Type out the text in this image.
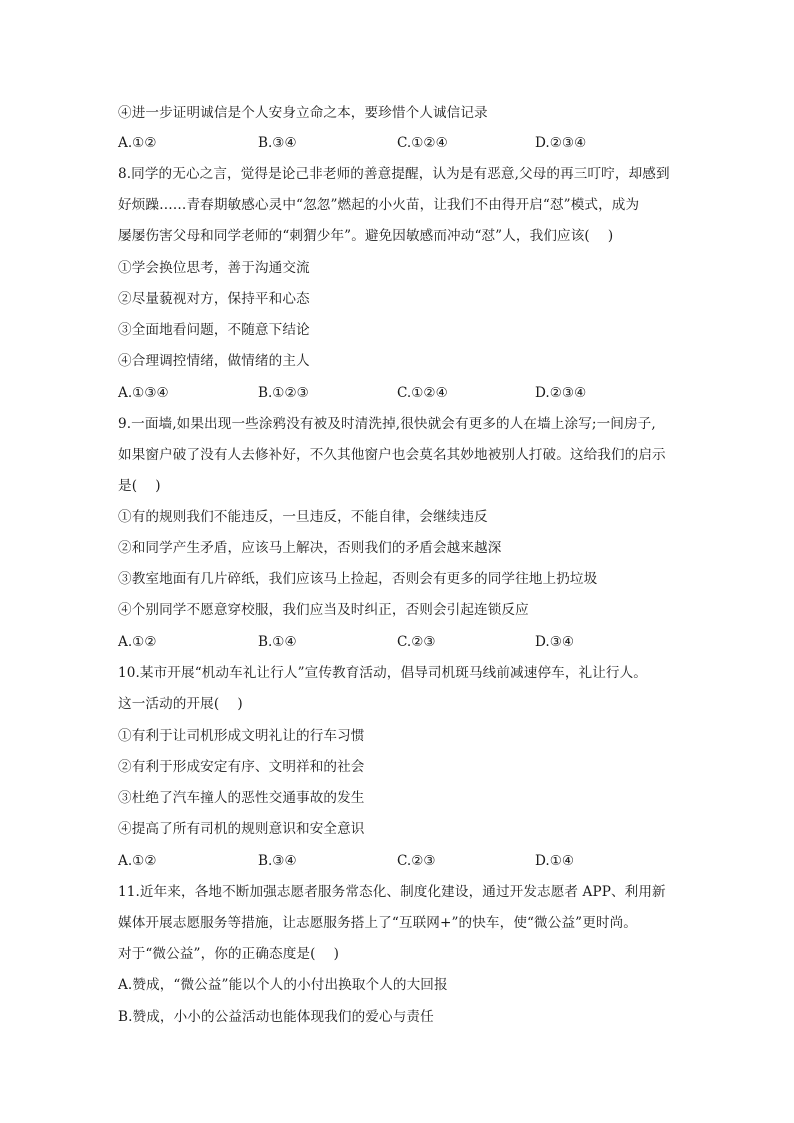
④进一步证明诚信是个人安身立命之本，要珍惜个人诚信记录
A.①②	B.③④	C.①②④	D.②③④
8.同学的无心之言，觉得是论己非老师的善意提醒，认为是有恶意,父母的再三叮咛，却感到
好烦躁……青春期敏感心灵中“忽忽”燃起的小火苗，让我们不由得开启“怼”模式，成为
屡屡伤害父母和同学老师的“刺猬少年”。避免因敏感而冲动“怼”人，我们应该(　 )
①学会换位思考，善于沟通交流
②尽量藐视对方，保持平和心态
③全面地看问题，不随意下结论
④合理调控情绪，做情绪的主人
A.①③④	B.①②③	C.①②④	D.②③④
9.一面墙,如果出现一些涂鸦没有被及时清洗掉,很快就会有更多的人在墙上涂写;一间房子,
如果窗户破了没有人去修补好，不久其他窗户也会莫名其妙地被别人打破。这给我们的启示
是(　 )
①有的规则我们不能违反，一旦违反，不能自律，会继续违反
②和同学产生矛盾，应该马上解决，否则我们的矛盾会越来越深
③教室地面有几片碎纸，我们应该马上捡起，否则会有更多的同学往地上扔垃圾
④个别同学不愿意穿校服，我们应当及时纠正，否则会引起连锁反应
A.①②	B.①④	C.②③	D.③④
10.某市开展“机动车礼让行人”宣传教育活动，倡导司机斑马线前减速停车，礼让行人。
这一活动的开展(　 )
①有利于让司机形成文明礼让的行车习惯
②有利于形成安定有序、文明祥和的社会
③杜绝了汽车撞人的恶性交通事故的发生
④提高了所有司机的规则意识和安全意识
A.①②	B.③④	C.②③	D.①④
11.近年来，各地不断加强志愿者服务常态化、制度化建设，通过开发志愿者 APP、利用新
媒体开展志愿服务等措施，让志愿服务搭上了“互联网+”的快车，使“微公益”更时尚。
对于“微公益”，你的正确态度是(　 )
A.赞成，“微公益”能以个人的小付出换取个人的大回报
B.赞成，小小的公益活动也能体现我们的爱心与责任
